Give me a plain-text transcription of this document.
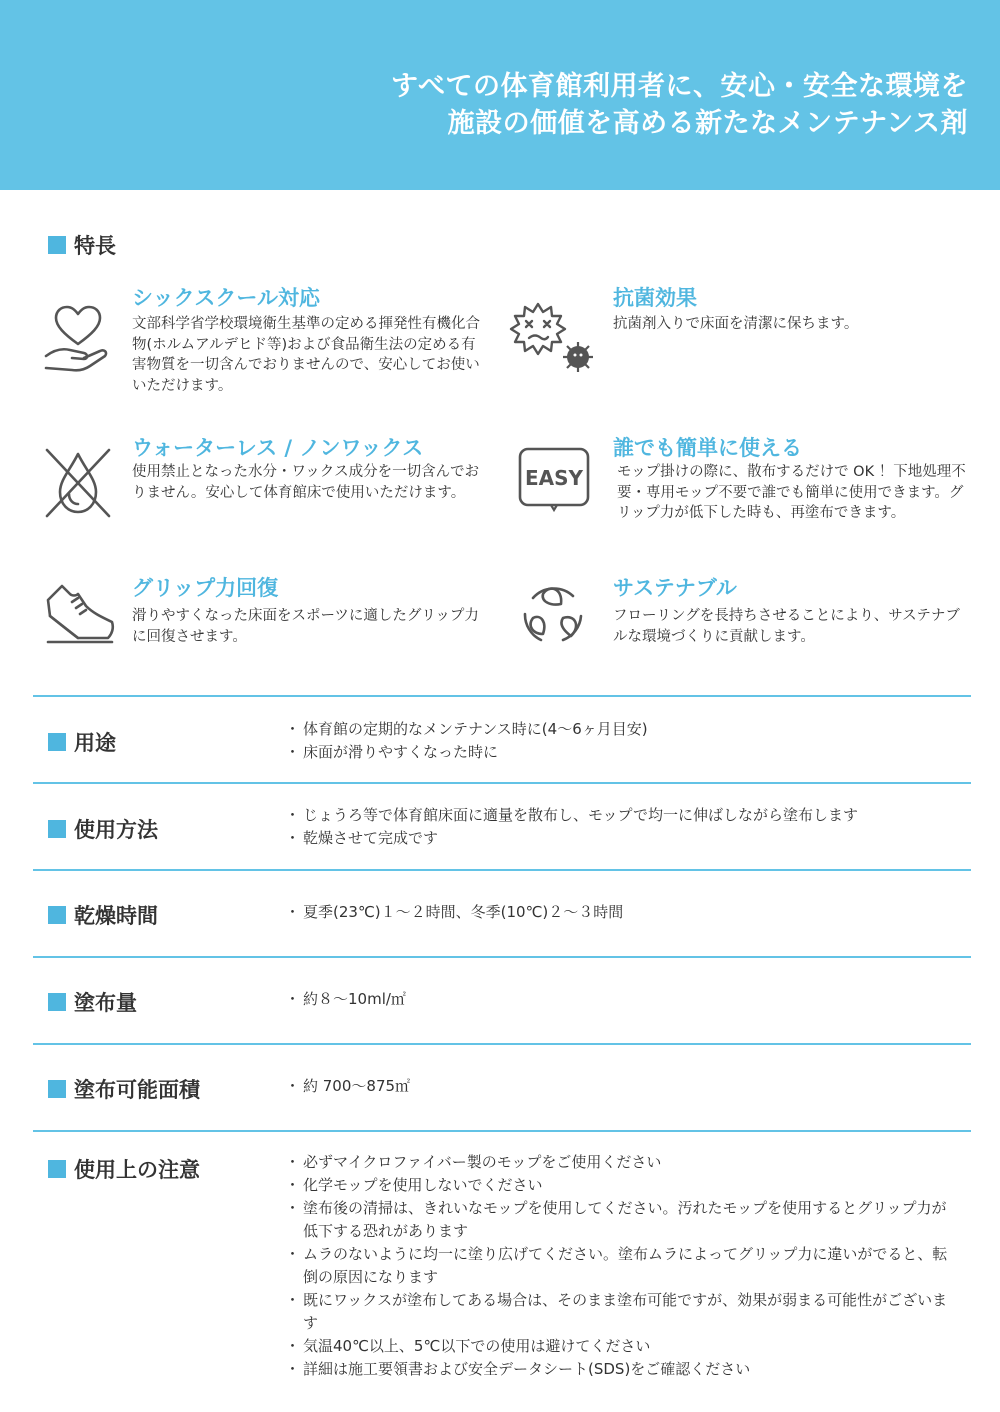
すべての体育館利用者に、安心・安全な環境を
施設の価値を高める新たなメンテナンス剤
特長
シックスクール対応
文部科学省学校環境衛生基準の定める揮発性有機化合物(ホルムアルデヒド等)および食品衛生法の定める有害物質を一切含んでおりませんので、安心してお使いいただけます。
抗菌効果
抗菌剤入りで床面を清潔に保ちます。
ウォーターレス / ノンワックス
使用禁止となった水分・ワックス成分を一切含んでおりません。安心して体育館床で使用いただけます。
EASY
誰でも簡単に使える
モップ掛けの際に、散布するだけで OK ！下地処理不要・専用モップ不要で誰でも簡単に使用できます。グリップ力が低下した時も、再塗布できます。
グリップ力回復
滑りやすくなった床面をスポーツに適したグリップ力に回復させます。
サステナブル
フローリングを長持ちさせることにより、サステナブルな環境づくりに貢献します。
用途
・ 体育館の定期的なメンテナンス時に(4～6ヶ月目安)
・ 床面が滑りやすくなった時に
使用方法
・ じょうろ等で体育館床面に適量を散布し、モップで均一に伸ばしながら塗布します
・ 乾燥させて完成です
乾燥時間	・ 夏季(23℃)１～２時間、冬季(10℃)２～３時間
塗布量	・ 約８～10ml/㎡
塗布可能面積	・ 約 700～875㎡
使用上の注意	・ 必ずマイクロファイバー製のモップをご使用ください
・ 化学モップを使用しないでください
・ 塗布後の清掃は、きれいなモップを使用してください。汚れたモップを使用するとグリップ力が低下する恐れがあります
・ ムラのないように均一に塗り広げてください。塗布ムラによってグリップ力に違いがでると、転倒の原因になります
・ 既にワックスが塗布してある場合は、そのまま塗布可能ですが、効果が弱まる可能性がございます
・ 気温40℃以上、5℃以下での使用は避けてください
・ 詳細は施工要領書および安全データシート(SDS)をご確認ください
